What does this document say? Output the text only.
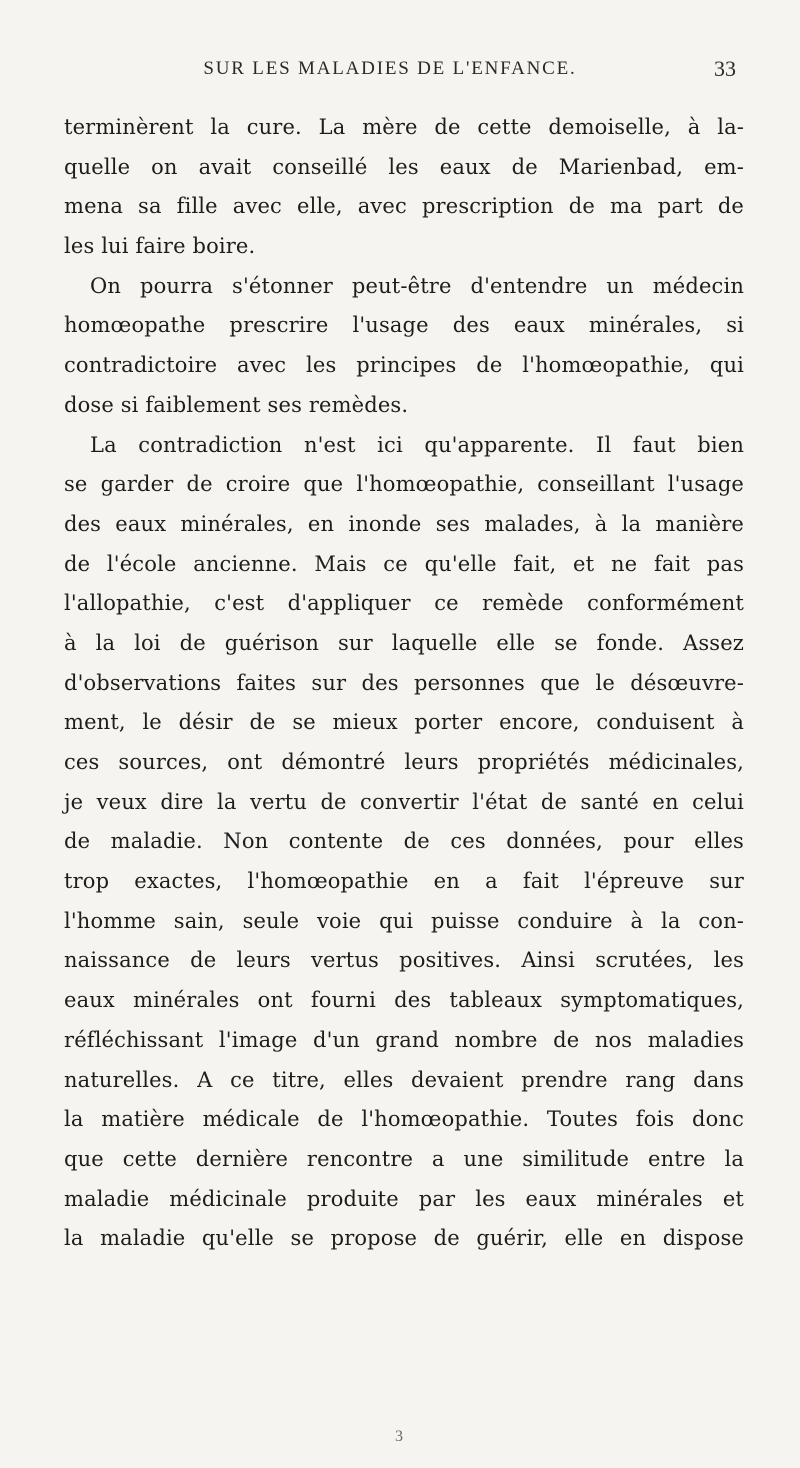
SUR LES MALADIES DE L'ENFANCE.	33
terminèrent la cure. La mère de cette demoiselle, à la-
quelle on avait conseillé les eaux de Marienbad, em-
mena sa fille avec elle, avec prescription de ma part de
les lui faire boire.
On pourra s'étonner peut-être d'entendre un médecin
homœopathe prescrire l'usage des eaux minérales, si
contradictoire avec les principes de l'homœopathie, qui
dose si faiblement ses remèdes.
La contradiction n'est ici qu'apparente. Il faut bien
se garder de croire que l'homœopathie, conseillant l'usage
des eaux minérales, en inonde ses malades, à la manière
de l'école ancienne. Mais ce qu'elle fait, et ne fait pas
l'allopathie, c'est d'appliquer ce remède conformément
à la loi de guérison sur laquelle elle se fonde. Assez
d'observations faites sur des personnes que le désœuvre-
ment, le désir de se mieux porter encore, conduisent à
ces sources, ont démontré leurs propriétés médicinales,
je veux dire la vertu de convertir l'état de santé en celui
de maladie. Non contente de ces données, pour elles
trop exactes, l'homœopathie en a fait l'épreuve sur
l'homme sain, seule voie qui puisse conduire à la con-
naissance de leurs vertus positives. Ainsi scrutées, les
eaux minérales ont fourni des tableaux symptomatiques,
réfléchissant l'image d'un grand nombre de nos maladies
naturelles. A ce titre, elles devaient prendre rang dans
la matière médicale de l'homœopathie. Toutes fois donc
que cette dernière rencontre a une similitude entre la
maladie médicinale produite par les eaux minérales et
la maladie qu'elle se propose de guérir, elle en dispose
3
